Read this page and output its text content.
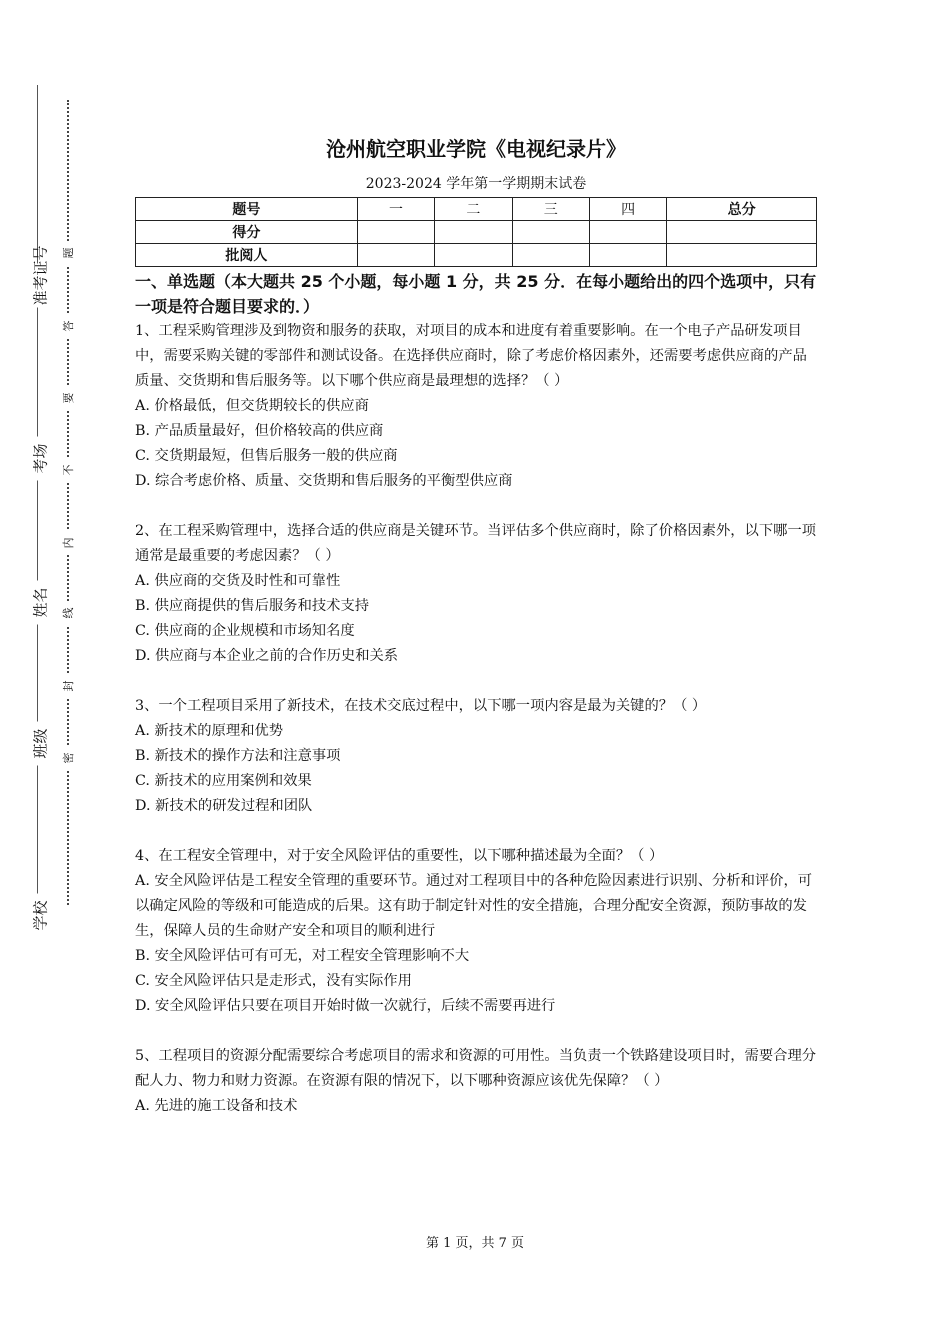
准考证号
考场
姓名
班级
学校
题
答
要
不
内
线
封
密
沧州航空职业学院《电视纪录片》
2023-2024 学年第一学期期末试卷
题号	一	二	三	四	总分
得分					
批阅人					
一、单选题（本大题共 25 个小题，每小题 1 分，共 25 分．在每小题给出的四个选项中，只有一项是符合题目要求的．）
1、工程采购管理涉及到物资和服务的获取，对项目的成本和进度有着重要影响。在一个电子产品研发项目中，需要采购关键的零部件和测试设备。在选择供应商时，除了考虑价格因素外，还需要考虑供应商的产品质量、交货期和售后服务等。以下哪个供应商是最理想的选择？（ ）
A. 价格最低，但交货期较长的供应商
B. 产品质量最好，但价格较高的供应商
C. 交货期最短，但售后服务一般的供应商
D. 综合考虑价格、质量、交货期和售后服务的平衡型供应商
2、在工程采购管理中，选择合适的供应商是关键环节。当评估多个供应商时，除了价格因素外，以下哪一项通常是最重要的考虑因素？（ ）
A. 供应商的交货及时性和可靠性
B. 供应商提供的售后服务和技术支持
C. 供应商的企业规模和市场知名度
D. 供应商与本企业之前的合作历史和关系
3、一个工程项目采用了新技术，在技术交底过程中，以下哪一项内容是最为关键的？（ ）
A. 新技术的原理和优势
B. 新技术的操作方法和注意事项
C. 新技术的应用案例和效果
D. 新技术的研发过程和团队
4、在工程安全管理中，对于安全风险评估的重要性，以下哪种描述最为全面？（ ）
A. 安全风险评估是工程安全管理的重要环节。通过对工程项目中的各种危险因素进行识别、分析和评价，可以确定风险的等级和可能造成的后果。这有助于制定针对性的安全措施，合理分配安全资源，预防事故的发生，保障人员的生命财产安全和项目的顺利进行
B. 安全风险评估可有可无，对工程安全管理影响不大
C. 安全风险评估只是走形式，没有实际作用
D. 安全风险评估只要在项目开始时做一次就行，后续不需要再进行
5、工程项目的资源分配需要综合考虑项目的需求和资源的可用性。当负责一个铁路建设项目时，需要合理分配人力、物力和财力资源。在资源有限的情况下，以下哪种资源应该优先保障？（ ）
A. 先进的施工设备和技术
第 1 页，共 7 页
